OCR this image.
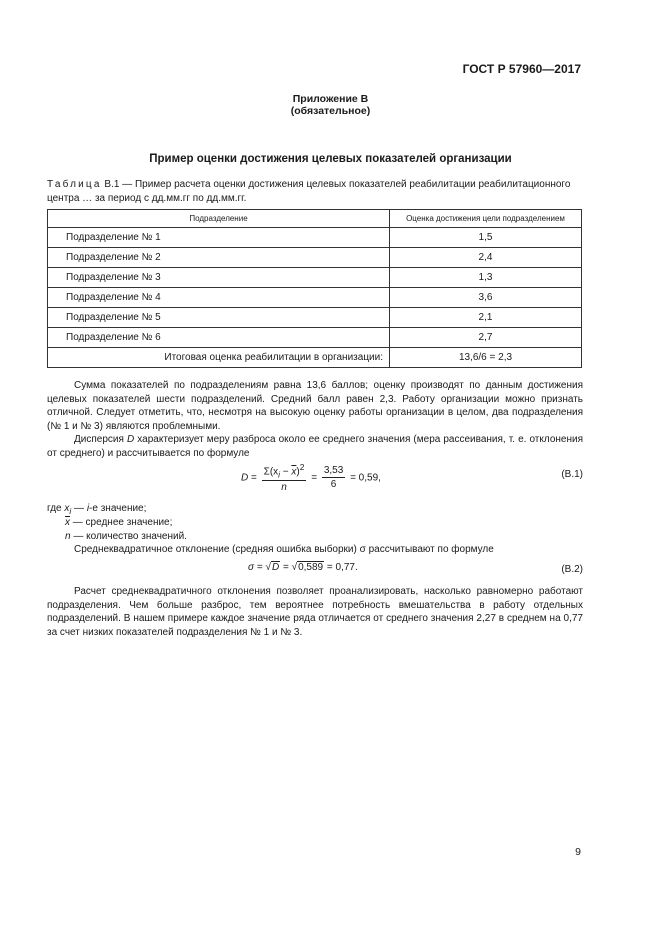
ГОСТ Р 57960—2017
Приложение В
(обязательное)
Пример оценки достижения целевых показателей организации
Таблица В.1 — Пример расчета оценки достижения целевых показателей реабилитации реабилитационного центра … за период с дд.мм.гг по дд.мм.гг.
Подразделение	Оценка достижения цели подразделением
Подразделение № 1	1,5
Подразделение № 2	2,4
Подразделение № 3	1,3
Подразделение № 4	3,6
Подразделение № 5	2,1
Подразделение № 6	2,7
Итоговая оценка реабилитации в организации:	13,6/6 = 2,3
Сумма показателей по подразделениям равна 13,6 баллов; оценку производят по данным достижения целевых показателей шести подразделений. Средний балл равен 2,3. Работу организации можно признать отличной. Следует отметить, что, несмотря на высокую оценку работы организации в целом, два подразделения (№ 1 и № 3) являются проблемными.
Дисперсия D характеризует меру разброса около ее среднего значения (мера рассеивания, т. е. отклонения от среднего) и рассчитывается по формуле
$D = \frac{\Sigma(x_i - \overline{x})^2}{n} = \frac{3,53}{6} = 0,59$,	(В.1)
где $x_i$ — i-е значение;
$\overline{x}$ — среднее значение;
n — количество значений.
Среднеквадратичное отклонение (средняя ошибка выборки) σ рассчитывают по формуле
σ = √D = √0,589 = 0,77.	(В.2)
Расчет среднеквадратичного отклонения позволяет проанализировать, насколько равномерно работают подразделения. Чем больше разброс, тем вероятнее потребность вмешательства в работу отдельных подразделений. В нашем примере каждое значение ряда отличается от среднего значения 2,27 в среднем на 0,77 за счет низких показателей подразделения № 1 и № 3.
9
